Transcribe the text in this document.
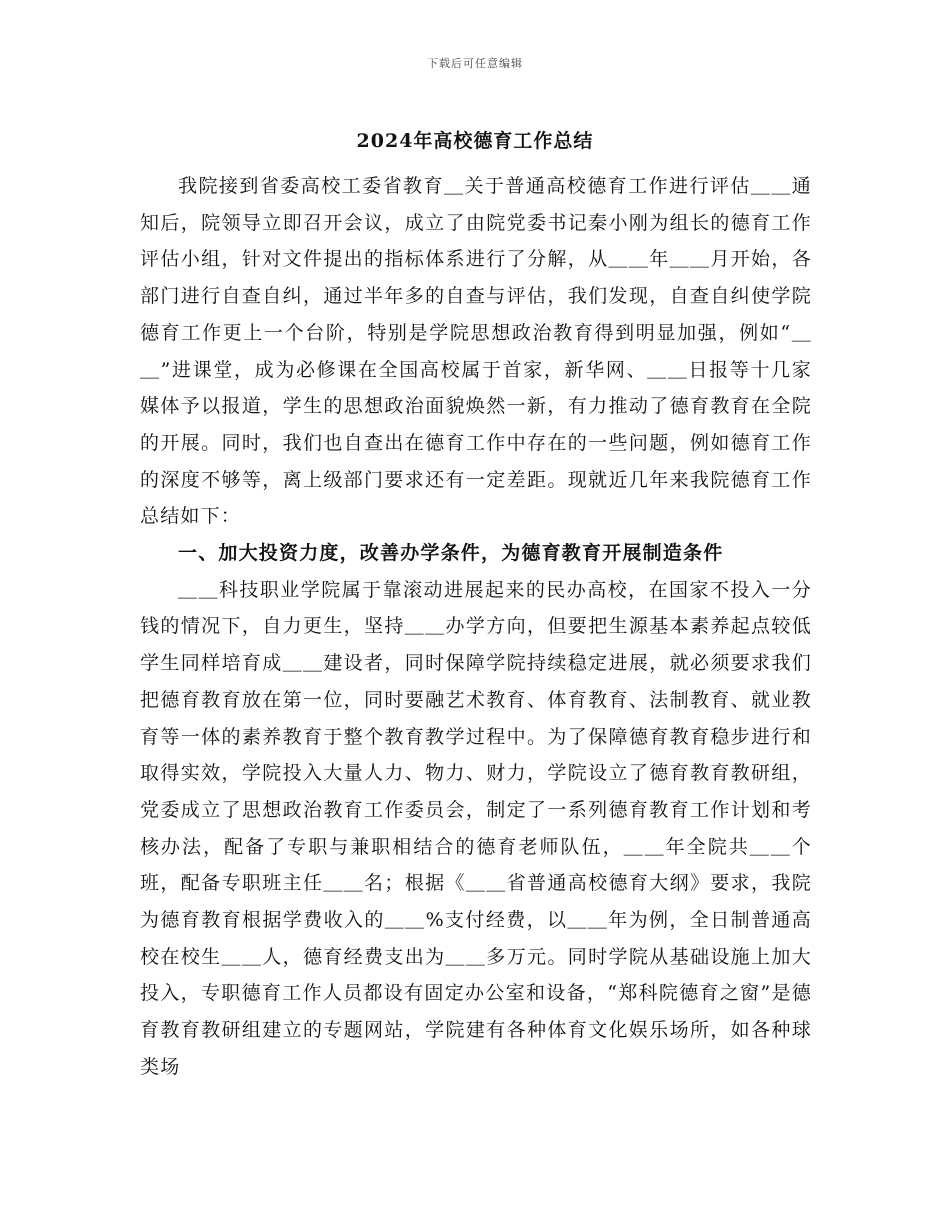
下载后可任意编辑
2024年高校德育工作总结

我院接到省委高校工委省教育＿关于普通高校德育工作进行评估＿＿通知后，院领导立即召开会议，成立了由院党委书记秦小刚为组长的德育工作评估小组，针对文件提出的指标体系进行了分解，从＿＿年＿＿月开始，各部门进行自查自纠，通过半年多的自查与评估，我们发现，自查自纠使学院德育工作更上一个台阶，特别是学院思想政治教育得到明显加强，例如“＿＿”进课堂，成为必修课在全国高校属于首家，新华网、＿＿日报等十几家媒体予以报道，学生的思想政治面貌焕然一新，有力推动了德育教育在全院的开展。同时，我们也自查出在德育工作中存在的一些问题，例如德育工作的深度不够等，离上级部门要求还有一定差距。现就近几年来我院德育工作总结如下：

一、加大投资力度，改善办学条件，为德育教育开展制造条件

＿＿科技职业学院属于靠滚动进展起来的民办高校，在国家不投入一分钱的情况下，自力更生，坚持＿＿办学方向，但要把生源基本素养起点较低学生同样培育成＿＿建设者，同时保障学院持续稳定进展，就必须要求我们把德育教育放在第一位，同时要融艺术教育、体育教育、法制教育、就业教育等一体的素养教育于整个教育教学过程中。为了保障德育教育稳步进行和取得实效，学院投入大量人力、物力、财力，学院设立了德育教育教研组，党委成立了思想政治教育工作委员会，制定了一系列德育教育工作计划和考核办法，配备了专职与兼职相结合的德育老师队伍，＿＿年全院共＿＿个班，配备专职班主任＿＿名；根据《＿＿省普通高校德育大纲》要求，我院为德育教育根据学费收入的＿＿%支付经费，以＿＿年为例，全日制普通高校在校生＿＿人，德育经费支出为＿＿多万元。同时学院从基础设施上加大投入，专职德育工作人员都设有固定办公室和设备，“郑科院德育之窗”是德育教育教研组建立的专题网站，学院建有各种体育文化娱乐场所，如各种球类场
